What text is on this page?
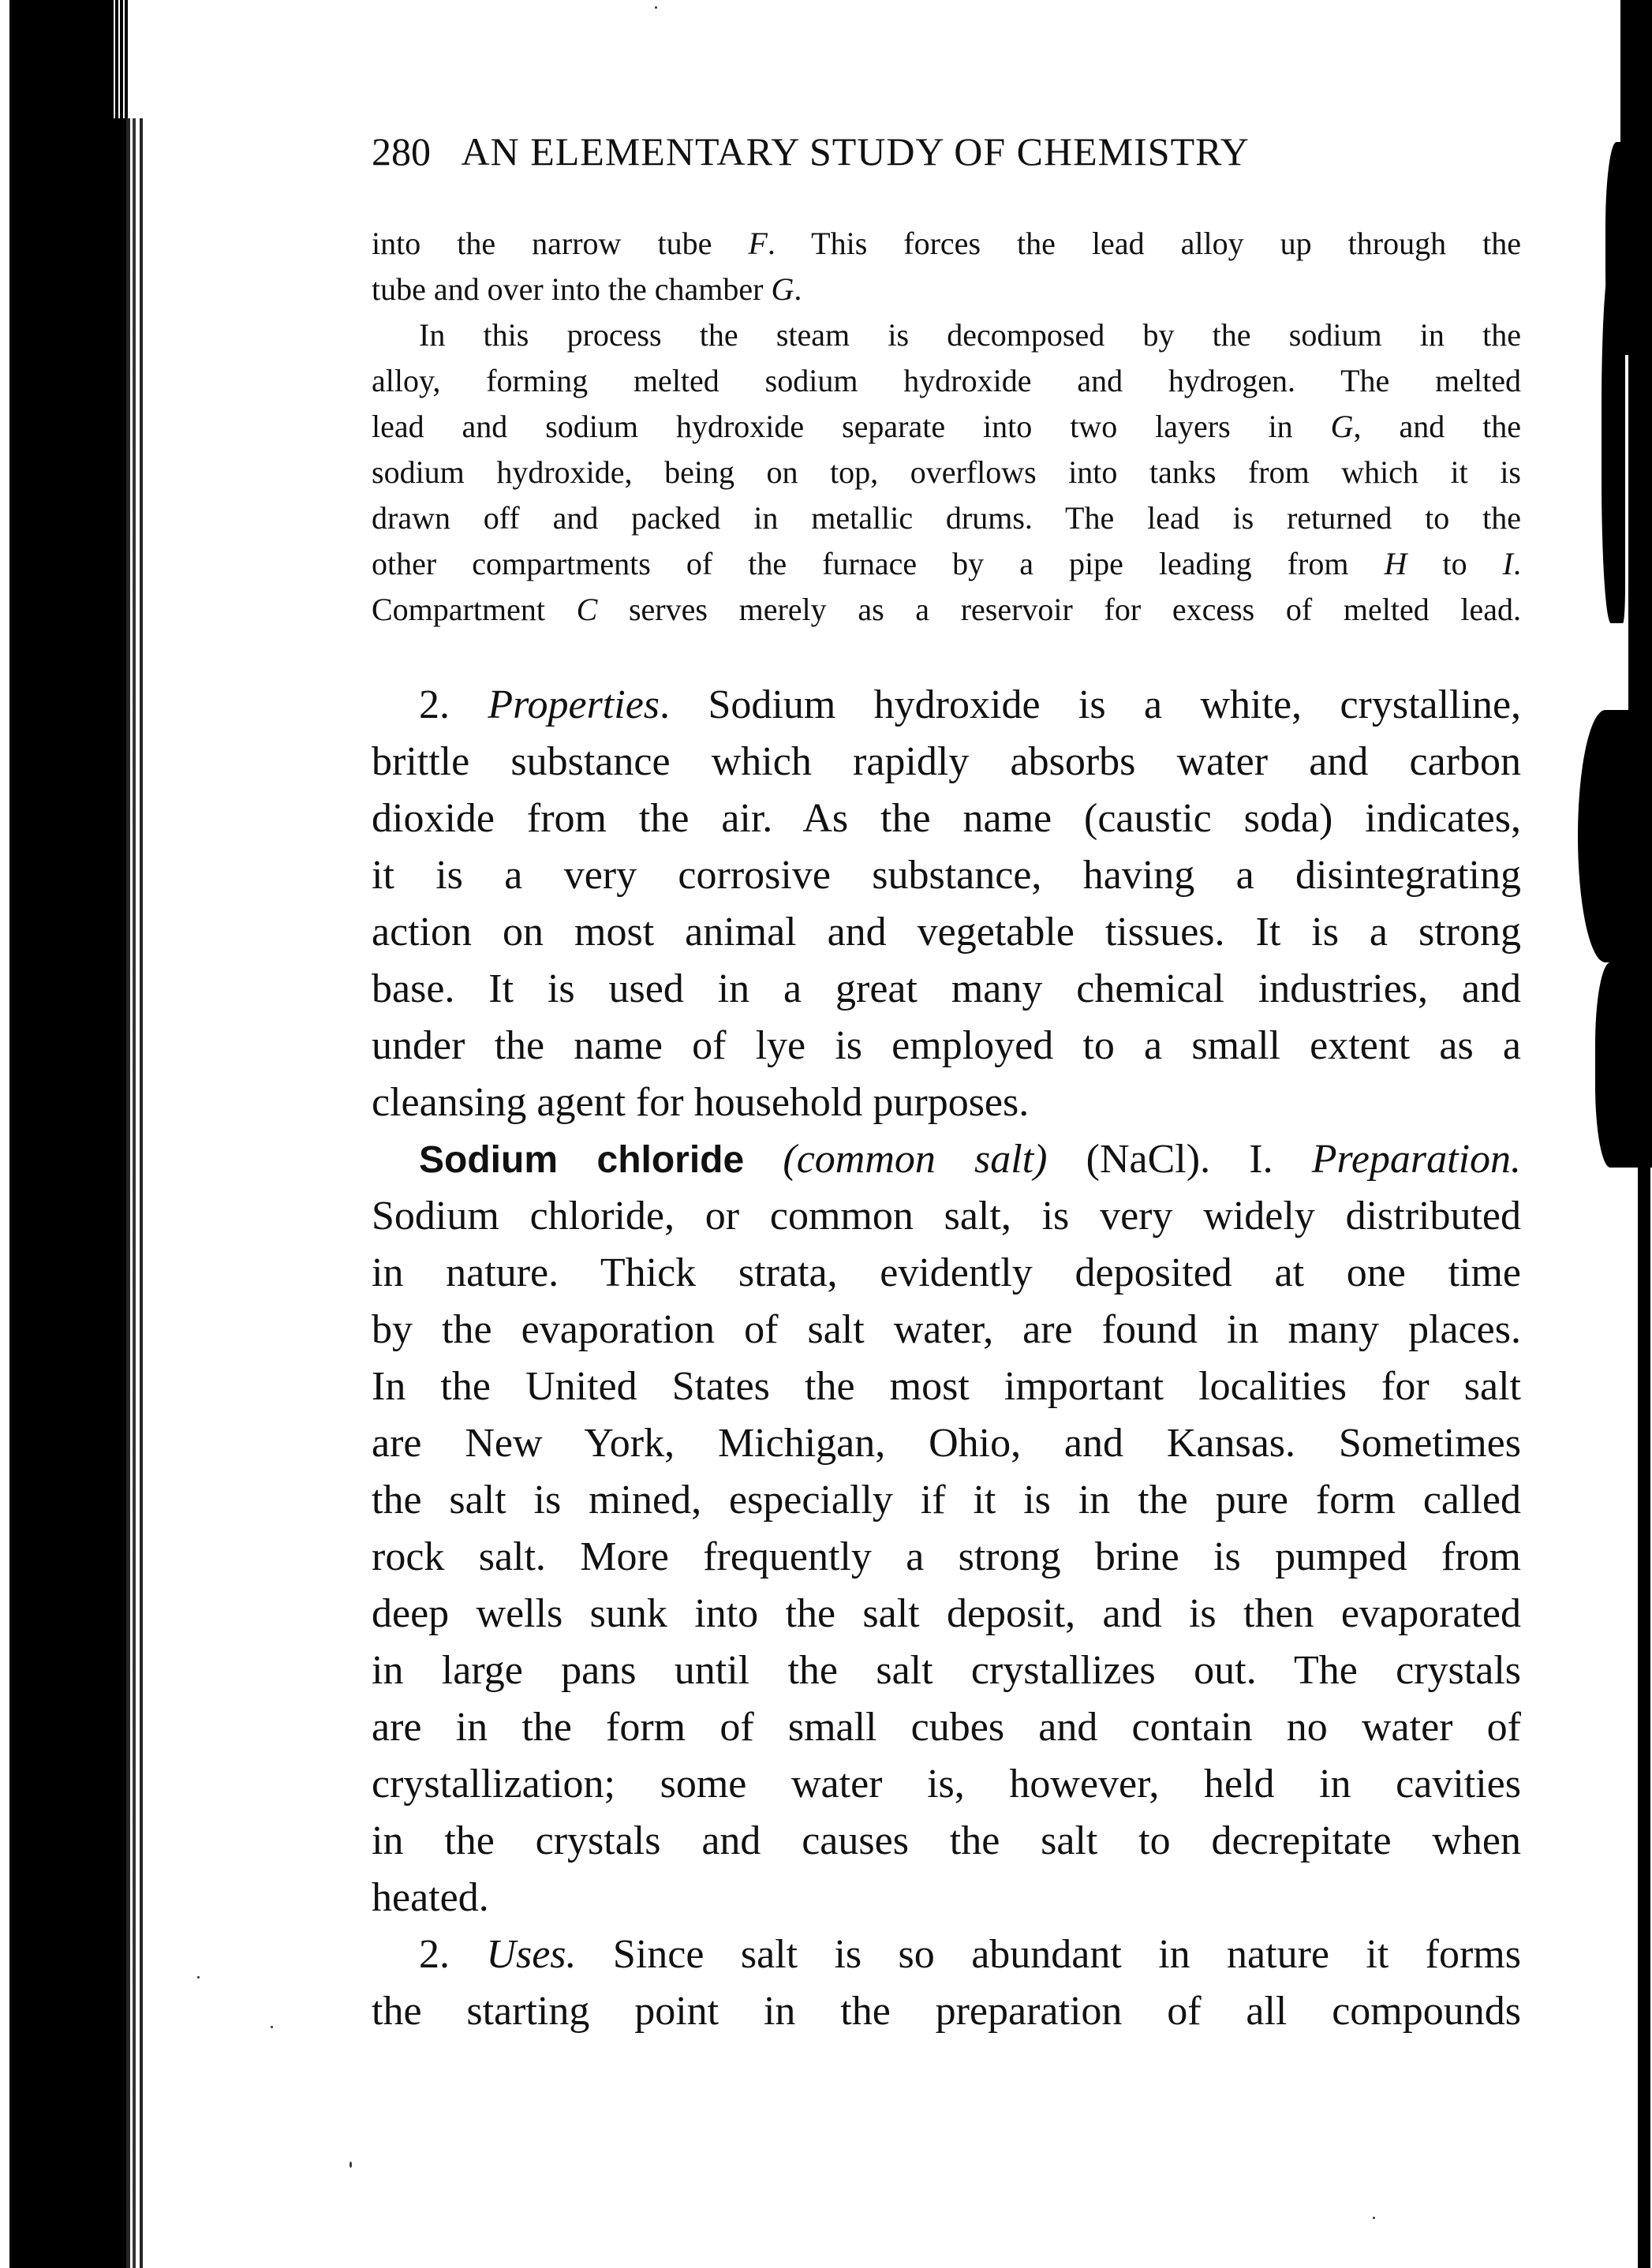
280 AN ELEMENTARY STUDY OF CHEMISTRY
into the narrow tube F. This forces the lead alloy up through the
tube and over into the chamber G.
In this process the steam is decomposed by the sodium in the
alloy, forming melted sodium hydroxide and hydrogen. The melted
lead and sodium hydroxide separate into two layers in G, and the
sodium hydroxide, being on top, overflows into tanks from which it is
drawn off and packed in metallic drums. The lead is returned to the
other compartments of the furnace by a pipe leading from H to I.
Compartment C serves merely as a reservoir for excess of melted lead.
2. Properties. Sodium hydroxide is a white, crystalline,
brittle substance which rapidly absorbs water and carbon
dioxide from the air. As the name (caustic soda) indicates,
it is a very corrosive substance, having a disintegrating
action on most animal and vegetable tissues. It is a strong
base. It is used in a great many chemical industries, and
under the name of lye is employed to a small extent as a
cleansing agent for household purposes.
Sodium chloride (common salt) (NaCl). I. Preparation.
Sodium chloride, or common salt, is very widely distributed
in nature. Thick strata, evidently deposited at one time
by the evaporation of salt water, are found in many places.
In the United States the most important localities for salt
are New York, Michigan, Ohio, and Kansas. Sometimes
the salt is mined, especially if it is in the pure form called
rock salt. More frequently a strong brine is pumped from
deep wells sunk into the salt deposit, and is then evaporated
in large pans until the salt crystallizes out. The crystals
are in the form of small cubes and contain no water of
crystallization; some water is, however, held in cavities
in the crystals and causes the salt to decrepitate when
heated.
2. Uses. Since salt is so abundant in nature it forms
the starting point in the preparation of all compounds
